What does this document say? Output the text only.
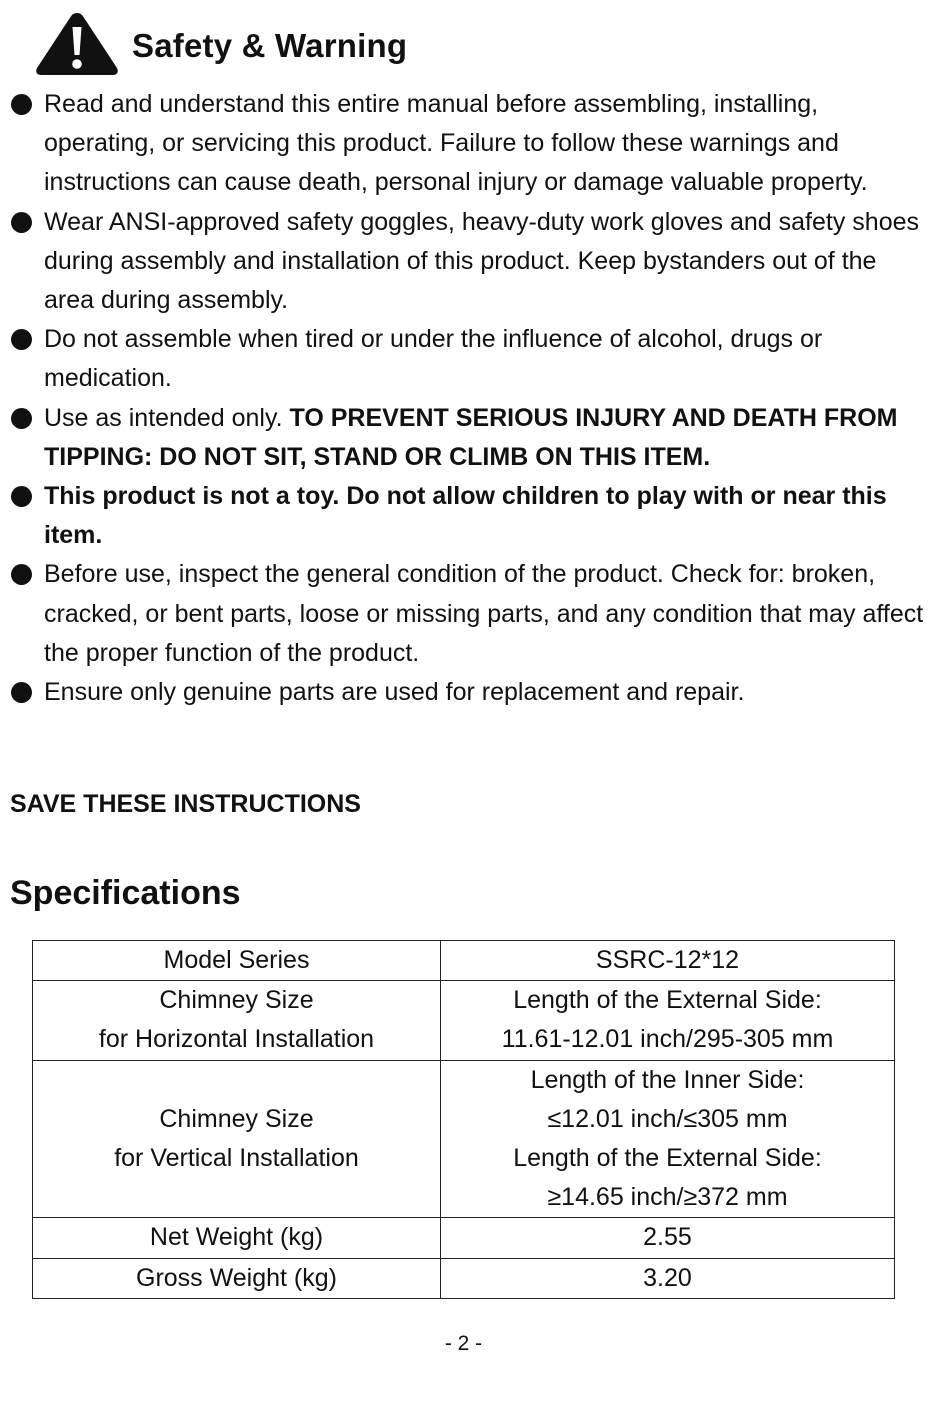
Safety & Warning
Read and understand this entire manual before assembling, installing, operating, or servicing this product. Failure to follow these warnings and instructions can cause death, personal injury or damage valuable property.
Wear ANSI-approved safety goggles, heavy-duty work gloves and safety shoes during assembly and installation of this product. Keep bystanders out of the area during assembly.
Do not assemble when tired or under the influence of alcohol, drugs or medication.
Use as intended only. TO PREVENT SERIOUS INJURY AND DEATH FROM TIPPING: DO NOT SIT, STAND OR CLIMB ON THIS ITEM.
This product is not a toy. Do not allow children to play with or near this item.
Before use, inspect the general condition of the product. Check for: broken, cracked, or bent parts, loose or missing parts, and any condition that may affect the proper function of the product.
Ensure only genuine parts are used for replacement and repair.
SAVE THESE INSTRUCTIONS
Specifications
Model Series	SSRC-12*12

Chimney Size
for Horizontal Installation	Length of the External Side:
11.61-12.01 inch/295-305 mm

Chimney Size
for Vertical Installation	Length of the Inner Side:
≤12.01 inch/≤305 mm
Length of the External Side:
≥14.65 inch/≥372 mm

Net Weight (kg)	2.55

Gross Weight (kg)	3.20
- 2 -
